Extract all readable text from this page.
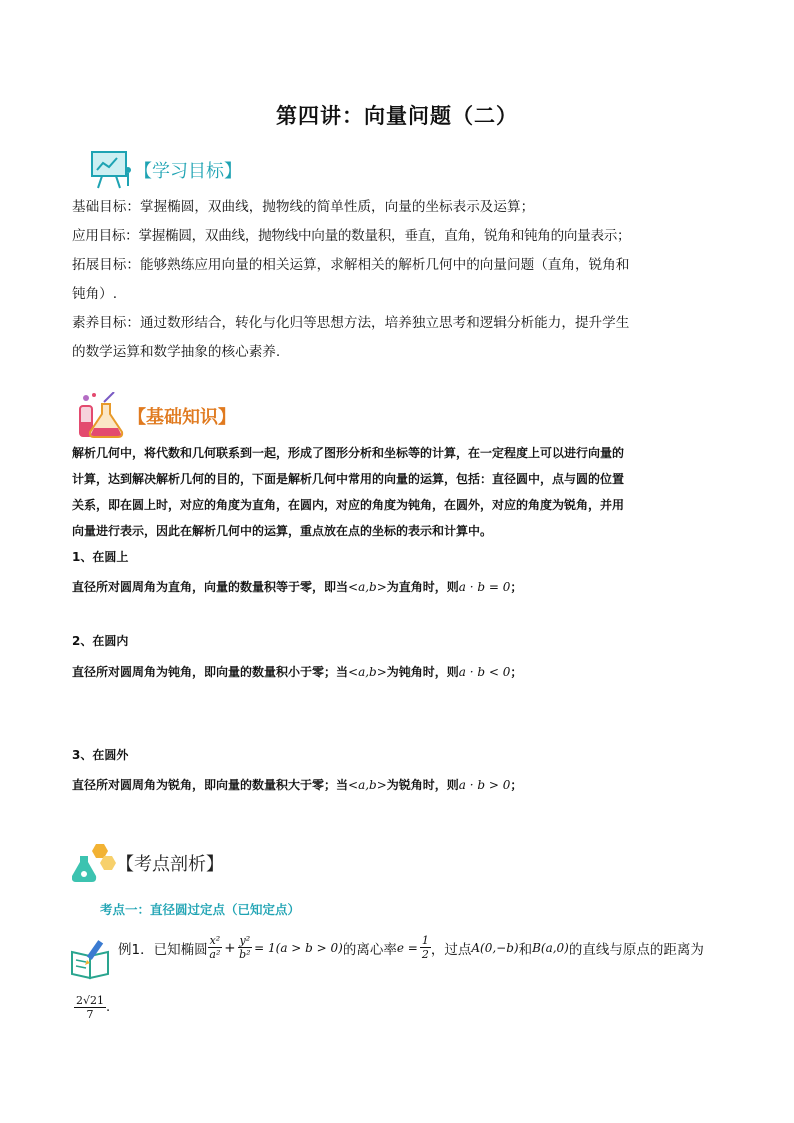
第四讲：向量问题（二）
【学习目标】
基础目标：掌握椭圆，双曲线，抛物线的简单性质，向量的坐标表示及运算；
应用目标：掌握椭圆，双曲线，抛物线中向量的数量积，垂直，直角，锐角和钝角的向量表示；
拓展目标：能够熟练应用向量的相关运算，求解相关的解析几何中的向量问题（直角，锐角和
钝角）.
素养目标：通过数形结合，转化与化归等思想方法，培养独立思考和逻辑分析能力，提升学生
的数学运算和数学抽象的核心素养.
【基础知识】
解析几何中，将代数和几何联系到一起，形成了图形分析和坐标等的计算，在一定程度上可以进行向量的
计算，达到解决解析几何的目的，下面是解析几何中常用的向量的运算，包括：直径圆中，点与圆的位置
关系，即在圆上时，对应的角度为直角，在圆内，对应的角度为钝角，在圆外，对应的角度为锐角，并用
向量进行表示，因此在解析几何中的运算，重点放在点的坐标的表示和计算中。
1、在圆上
直径所对圆周角为直角，向量的数量积等于零，即当<a,b>为直角时，则a · b = 0；
2、在圆内
直径所对圆周角为钝角，即向量的数量积小于零；当<a,b>为钝角时，则a · b < 0；
3、在圆外
直径所对圆周角为锐角，即向量的数量积大于零；当<a,b>为锐角时，则a · b > 0；
【考点剖析】
考点一：直径圆过定点（已知定点）
例1．已知椭圆 $\frac{\text{x²}}{\text{a²}} + \frac{\text{y²}}{\text{b²}} = 1(a > b > 0)$ 的离心率 $e = \frac{1}{2}$ ，过点 A(0,−b) 和 B(a,0) 的直线与原点的距离为
$\frac{2√21}{7}$ .
